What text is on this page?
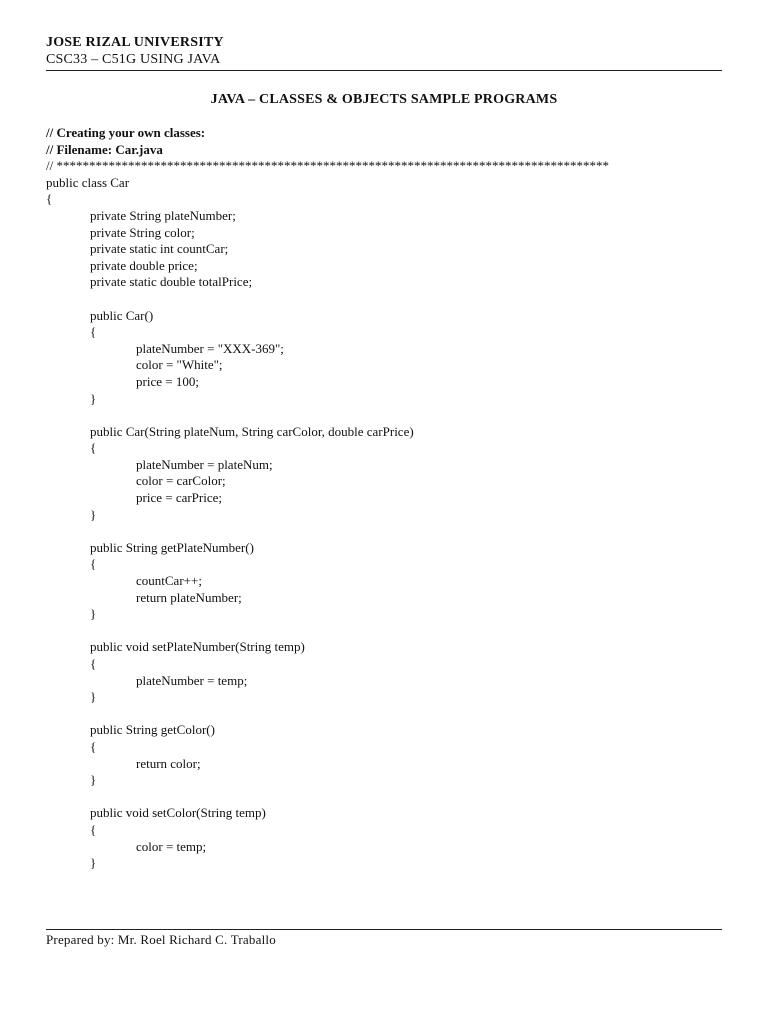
JOSE RIZAL UNIVERSITY
CSC33 – C51G USING JAVA
JAVA – CLASSES & OBJECTS SAMPLE PROGRAMS
// Creating your own classes:
// Filename: Car.java
// *************************************************************************************
public class Car
{
private String plateNumber;
private String color;
private static int countCar;
private double price;
private static double totalPrice;
public Car()
{
plateNumber = "XXX-369";
color = "White";
price = 100;
}
public Car(String plateNum, String carColor, double carPrice)
{
plateNumber = plateNum;
color = carColor;
price = carPrice;
}
public String getPlateNumber()
{
countCar++;
return plateNumber;
}
public void setPlateNumber(String temp)
{
plateNumber = temp;
}
public String getColor()
{
return color;
}
public void setColor(String temp)
{
color = temp;
}
Prepared by: Mr. Roel Richard C. Traballo
